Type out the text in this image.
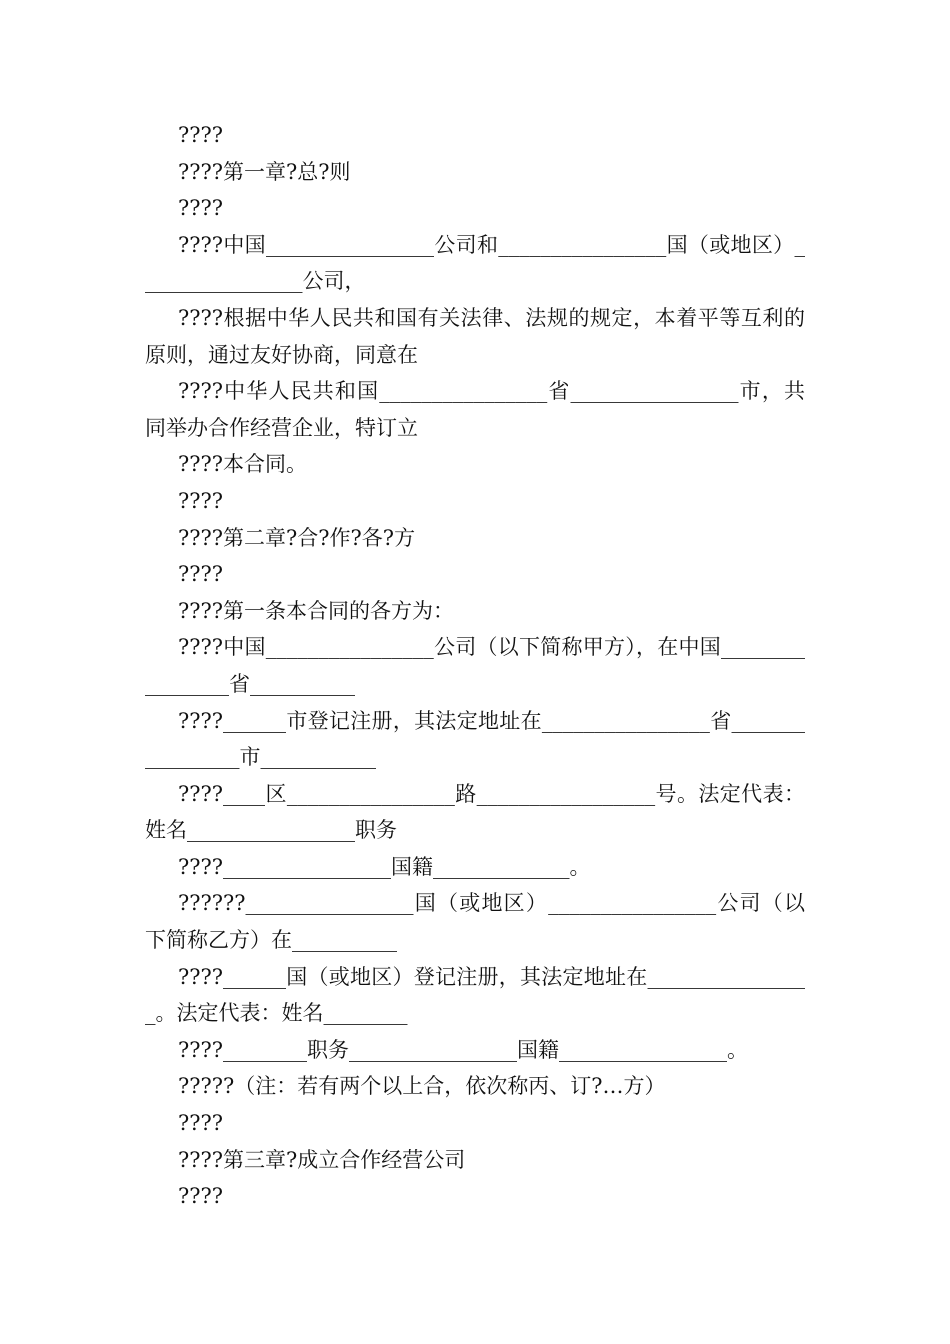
????

????第一章?总?则

????

????中国________________公司和________________国（或地区）________________公司，

????根据中华人民共和国有关法律、法规的规定，本着平等互利的原则，通过友好协商，同意在

????中华人民共和国________________省________________市，共同举办合作经营企业，特订立

????本合同。

????

????第二章?合?作?各?方

????

????第一条本合同的各方为：

????中国________________公司（以下简称甲方），在中国________________省__________

????______市登记注册，其法定地址在________________省________________市___________

????____区________________路_________________号。法定代表：姓名________________职务

????________________国籍_____________。

??????________________国（或地区）________________公司（以下简称乙方）在__________

????______国（或地区）登记注册，其法定地址在________________。法定代表：姓名________

????________职务________________国籍________________。

?????（注：若有两个以上合，依次称丙、订?…方）

????

????第三章?成立合作经营公司

????
